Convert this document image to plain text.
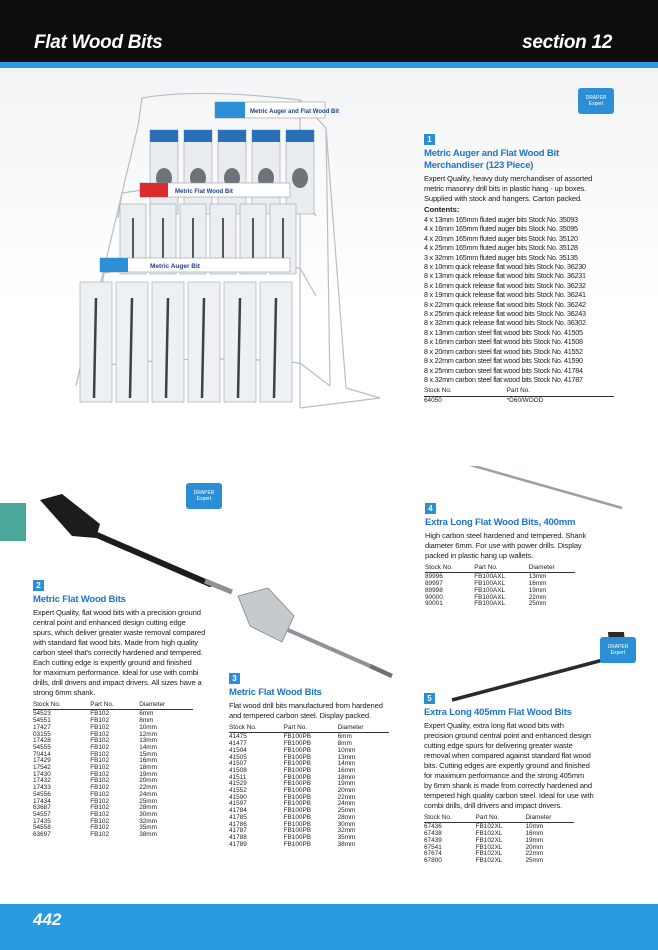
Flat Wood Bits	section 12
Metric Auger and Flat Wood Bit
Metric Flat Wood Bit
Metric Auger Bit
DRAPER
Expert
DRAPER
Expert
DRAPER
Expert
1
Metric Auger and Flat Wood Bit
Merchandiser (123 Piece)
Expert Quality, heavy duty merchandiser of assorted
metric masonry drill bits in plastic hang - up boxes.
Supplied with stock and hangers. Carton packed.
Contents:
4 x 13mm 165mm fluted auger bits Stock No. 35093
4 x 16mm 165mm fluted auger bits Stock No. 35095
4 x 20mm 165mm fluted auger bits Stock No. 35120
4 x 25mm 165mm fluted auger bits Stock No. 35128
3 x 32mm 165mm fluted auger bits Stock No. 35135
8 x 10mm quick release flat wood bits Stock No. 36230
8 x 13mm quick release flat wood bits Stock No. 36231
8 x 16mm quick release flat wood bits Stock No. 36232
8 x 19mm quick release flat wood bits Stock No. 36241
8 x 22mm quick release flat wood bits Stock No. 36242
8 x 25mm quick release flat wood bits Stock No. 36243
8 x 32mm quick release flat wood bits Stock No. 36302
8 x 13mm carbon steel flat wood bits Stock No. 41505
8 x 16mm carbon steel flat wood bits Stock No. 41508
8 x 20mm carbon steel flat wood bits Stock No. 41552
8 x 22mm carbon steel flat wood bits Stock No. 41590
8 x 25mm carbon steel flat wood bits Stock No. 41784
8 x 32mm carbon steel flat wood bits Stock No. 41787
Stock No.	Part No.
64050	*D60/WOOD
2
Metric Flat Wood Bits
Expert Quality, flat wood bits with a precision ground
central point and enhanced design cutting edge
spurs, which deliver greater waste removal compared
with standard flat wood bits. Made from high quality
carbon steel that's correctly hardened and tempered.
Each cutting edge is expertly ground and finished
for maximum performance. Ideal for use with combi
drills, drill drivers and impact drivers. All sizes have a
strong 6mm shank.
Stock No.	Part No.	Diameter
54523	FB102	6mm
54551	FB102	8mm
17427	FB102	10mm
03155	FB102	12mm
17428	FB102	13mm
54555	FB102	14mm
70414	FB102	15mm
17429	FB102	16mm
17542	FB102	18mm
17430	FB102	19mm
17432	FB102	20mm
17433	FB102	22mm
54556	FB102	24mm
17434	FB102	25mm
63687	FB102	28mm
54557	FB102	30mm
17435	FB102	32mm
54558	FB102	35mm
63697	FB102	38mm
3
Metric Flat Wood Bits
Flat wood drill bits manufactured from hardened
and tempered carbon steel. Display packed.
Stock No.	Part No.	Diameter
41475	FB100PB	6mm
41477	FB100PB	8mm
41504	FB100PB	10mm
41505	FB100PB	13mm
41507	FB100PB	14mm
41508	FB100PB	16mm
41511	FB100PB	18mm
41529	FB100PB	19mm
41552	FB100PB	20mm
41590	FB100PB	22mm
41597	FB100PB	24mm
41784	FB100PB	25mm
41785	FB100PB	28mm
41786	FB100PB	30mm
41787	FB100PB	32mm
41788	FB100PB	35mm
41789	FB100PB	38mm
4
Extra Long Flat Wood Bits, 400mm
High carbon steel hardened and tempered. Shank
diameter 6mm. For use with power drills. Display
packed in plastic hang up wallets.
Stock No.	Part No.	Diameter
89996	FB100AXL	13mm
89997	FB100AXL	16mm
89998	FB100AXL	19mm
90000	FB100AXL	22mm
90001	FB100AXL	25mm
5
Extra Long 405mm Flat Wood Bits
Expert Quality, extra long flat wood bits with
precision ground central point and enhanced design
cutting edge spurs for delivering greater waste
removal when compared against standard flat wood
bits. Cutting edges are expertly ground and finished
for maximum performance and the strong 405mm
by 6mm shank is made from correctly hardened and
tempered high quality carbon steel. Ideal for use with
combi drills, drill drivers and impact drivers.
Stock No.	Part No.	Diameter
67436	FB102XL	10mm
67438	FB102XL	16mm
67439	FB102XL	19mm
67541	FB102XL	20mm
67674	FB102XL	22mm
67800	FB102XL	25mm
442
